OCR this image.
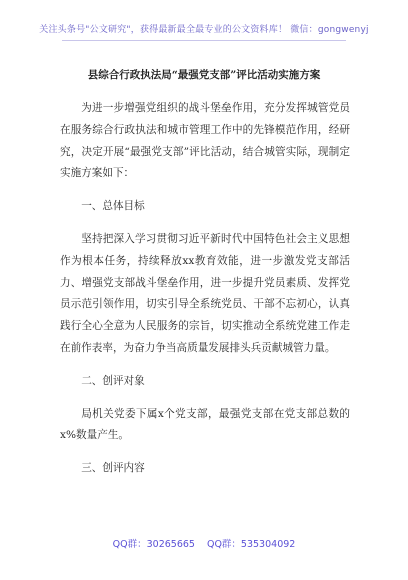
关注头条号"公文研究"，获得最新最全最专业的公文资料库！ 微信：gongwenyj
县综合行政执法局“最强党支部”评比活动实施方案

为进一步增强党组织的战斗堡垒作用，充分发挥城管党员在服务综合行政执法和城市管理工作中的先锋模范作用，经研究，决定开展“最强党支部”评比活动，结合城管实际，现制定实施方案如下：

一、总体目标

坚持把深入学习贯彻习近平新时代中国特色社会主义思想作为根本任务，持续释放xx教育效能，进一步激发党支部活力、增强党支部战斗堡垒作用，进一步提升党员素质、发挥党员示范引领作用，切实引导全系统党员、干部不忘初心，认真践行全心全意为人民服务的宗旨，切实推动全系统党建工作走在前作表率，为奋力争当高质量发展排头兵贡献城管力量。

二、创评对象

局机关党委下属x个党支部，最强党支部在党支部总数的x%数量产生。

三、创评内容

QQ群：30265665 QQ群：535304092
